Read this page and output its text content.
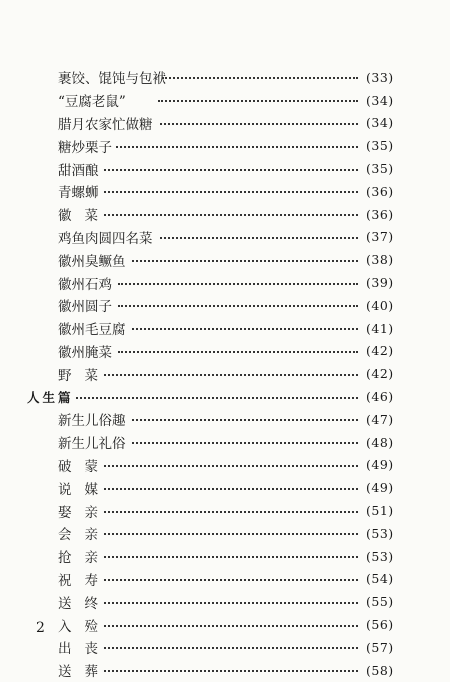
裹饺、馄饨与包袱	(33)
“豆腐老鼠”	(34)
腊月农家忙做糖	(34)
糖炒栗子	(35)
甜酒酿	(35)
青螺蛳	(36)
徽菜	(36)
鸡鱼肉圆四名菜	(37)
徽州臭鳜鱼	(38)
徽州石鸡	(39)
徽州圆子	(40)
徽州毛豆腐	(41)
徽州腌菜	(42)
野菜	(42)
人生篇	(46)
新生儿俗趣	(47)
新生儿礼俗	(48)
破蒙	(49)
说媒	(49)
娶亲	(51)
会亲	(53)
抢亲	(53)
祝寿	(54)
送终	(55)
入殓	(56)
出丧	(57)
送葬	(58)
2
